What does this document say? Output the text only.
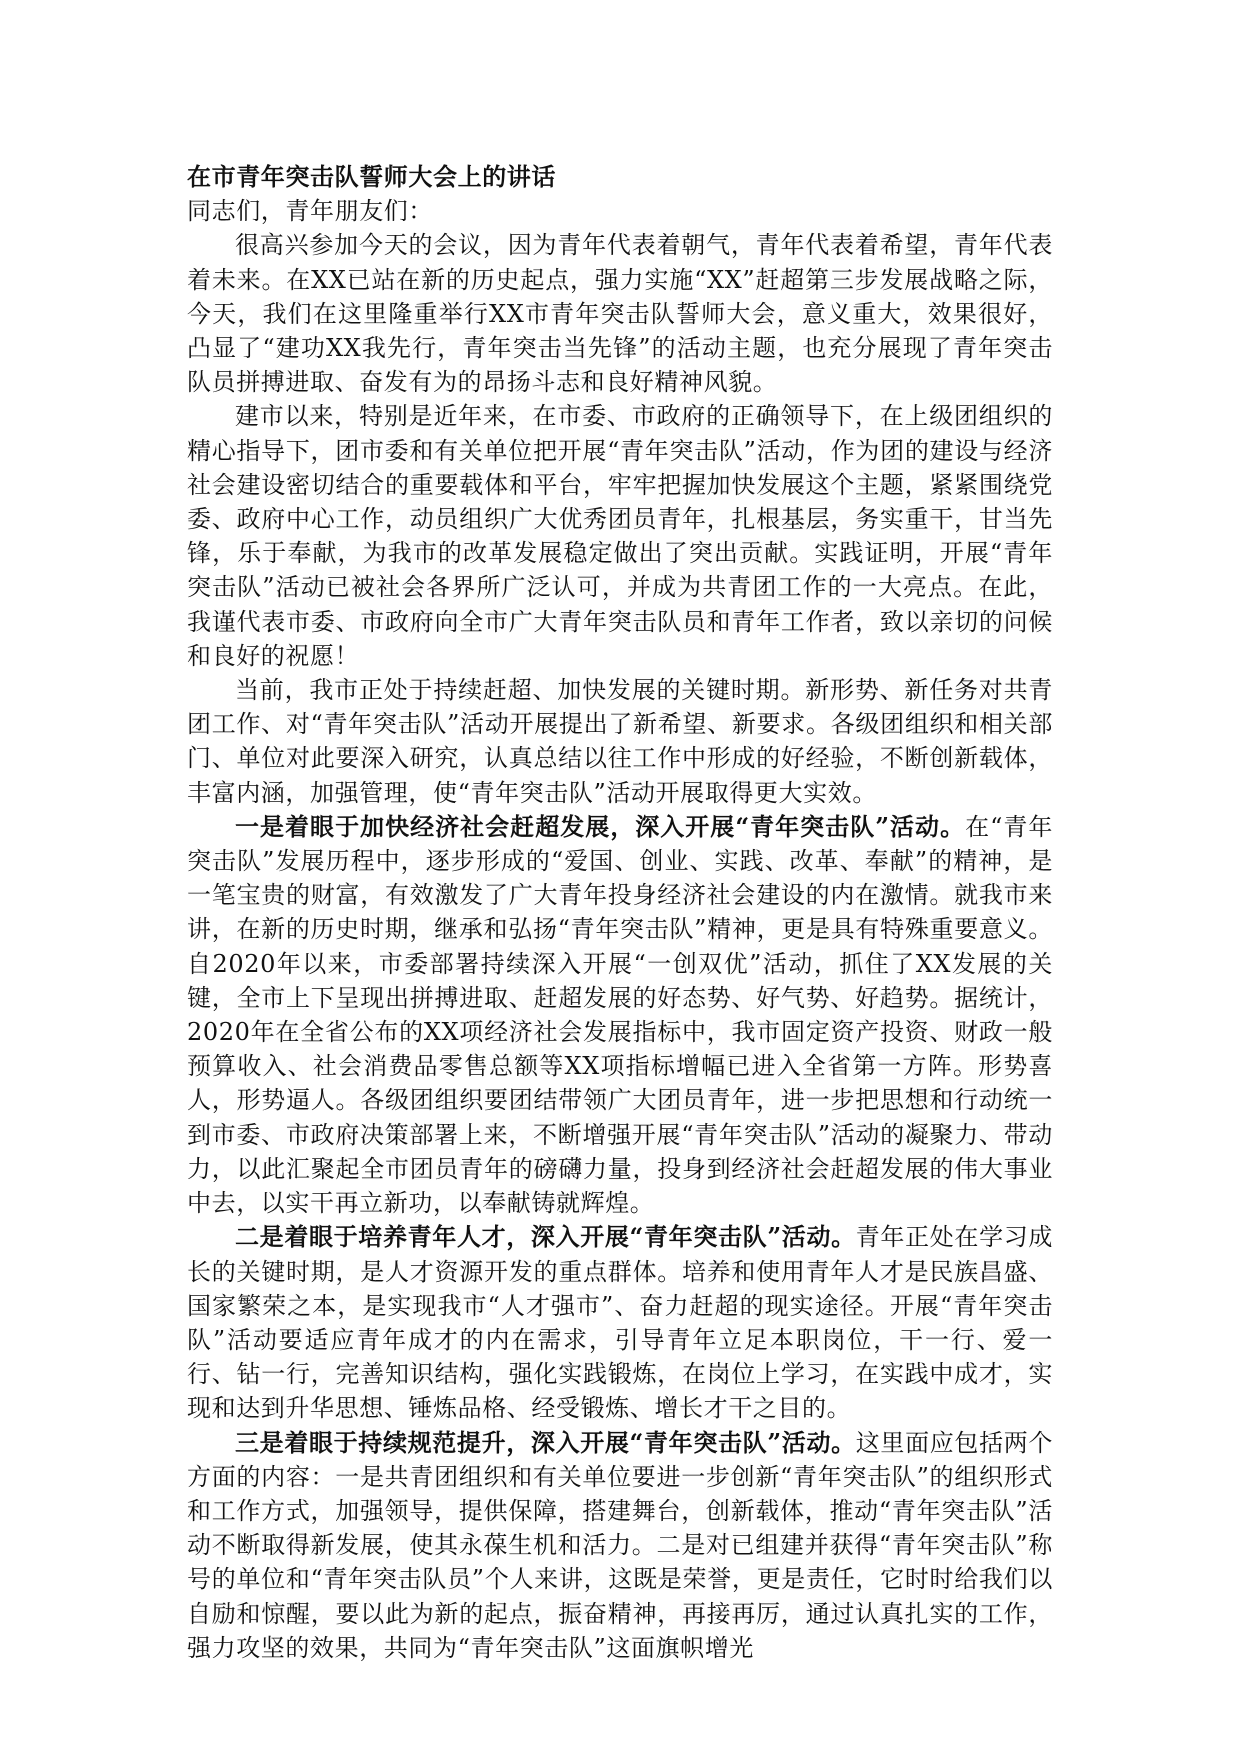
在市青年突击队誓师大会上的讲话
同志们，青年朋友们：

很高兴参加今天的会议，因为青年代表着朝气，青年代表着希望，青年代表着未来。在XX已站在新的历史起点，强力实施“XX”赶超第三步发展战略之际，今天，我们在这里隆重举行XX市青年突击队誓师大会，意义重大，效果很好，凸显了“建功XX我先行，青年突击当先锋”的活动主题，也充分展现了青年突击队员拼搏进取、奋发有为的昂扬斗志和良好精神风貌。

建市以来，特别是近年来，在市委、市政府的正确领导下，在上级团组织的精心指导下，团市委和有关单位把开展“青年突击队”活动，作为团的建设与经济社会建设密切结合的重要载体和平台，牢牢把握加快发展这个主题，紧紧围绕党委、政府中心工作，动员组织广大优秀团员青年，扎根基层，务实重干，甘当先锋，乐于奉献，为我市的改革发展稳定做出了突出贡献。实践证明，开展“青年突击队”活动已被社会各界所广泛认可，并成为共青团工作的一大亮点。在此，我谨代表市委、市政府向全市广大青年突击队员和青年工作者，致以亲切的问候和良好的祝愿！

当前，我市正处于持续赶超、加快发展的关键时期。新形势、新任务对共青团工作、对“青年突击队”活动开展提出了新希望、新要求。各级团组织和相关部门、单位对此要深入研究，认真总结以往工作中形成的好经验，不断创新载体，丰富内涵，加强管理，使“青年突击队”活动开展取得更大实效。

一是着眼于加快经济社会赶超发展，深入开展“青年突击队”活动。在“青年突击队”发展历程中，逐步形成的“爱国、创业、实践、改革、奉献”的精神，是一笔宝贵的财富，有效激发了广大青年投身经济社会建设的内在激情。就我市来讲，在新的历史时期，继承和弘扬“青年突击队”精神，更是具有特殊重要意义。自2020年以来，市委部署持续深入开展“一创双优”活动，抓住了XX发展的关键，全市上下呈现出拼搏进取、赶超发展的好态势、好气势、好趋势。据统计，2020年在全省公布的XX项经济社会发展指标中，我市固定资产投资、财政一般预算收入、社会消费品零售总额等XX项指标增幅已进入全省第一方阵。形势喜人，形势逼人。各级团组织要团结带领广大团员青年，进一步把思想和行动统一到市委、市政府决策部署上来，不断增强开展“青年突击队”活动的凝聚力、带动力，以此汇聚起全市团员青年的磅礴力量，投身到经济社会赶超发展的伟大事业中去，以实干再立新功，以奉献铸就辉煌。

二是着眼于培养青年人才，深入开展“青年突击队”活动。青年正处在学习成长的关键时期，是人才资源开发的重点群体。培养和使用青年人才是民族昌盛、国家繁荣之本，是实现我市“人才强市”、奋力赶超的现实途径。开展“青年突击队”活动要适应青年成才的内在需求，引导青年立足本职岗位，干一行、爱一行、钻一行，完善知识结构，强化实践锻炼，在岗位上学习，在实践中成才，实现和达到升华思想、锤炼品格、经受锻炼、增长才干之目的。

三是着眼于持续规范提升，深入开展“青年突击队”活动。这里面应包括两个方面的内容：一是共青团组织和有关单位要进一步创新“青年突击队”的组织形式和工作方式，加强领导，提供保障，搭建舞台，创新载体，推动“青年突击队”活动不断取得新发展，使其永葆生机和活力。二是对已组建并获得“青年突击队”称号的单位和“青年突击队员”个人来讲，这既是荣誉，更是责任，它时时给我们以自励和惊醒，要以此为新的起点，振奋精神，再接再厉，通过认真扎实的工作，强力攻坚的效果，共同为“青年突击队”这面旗帜增光
